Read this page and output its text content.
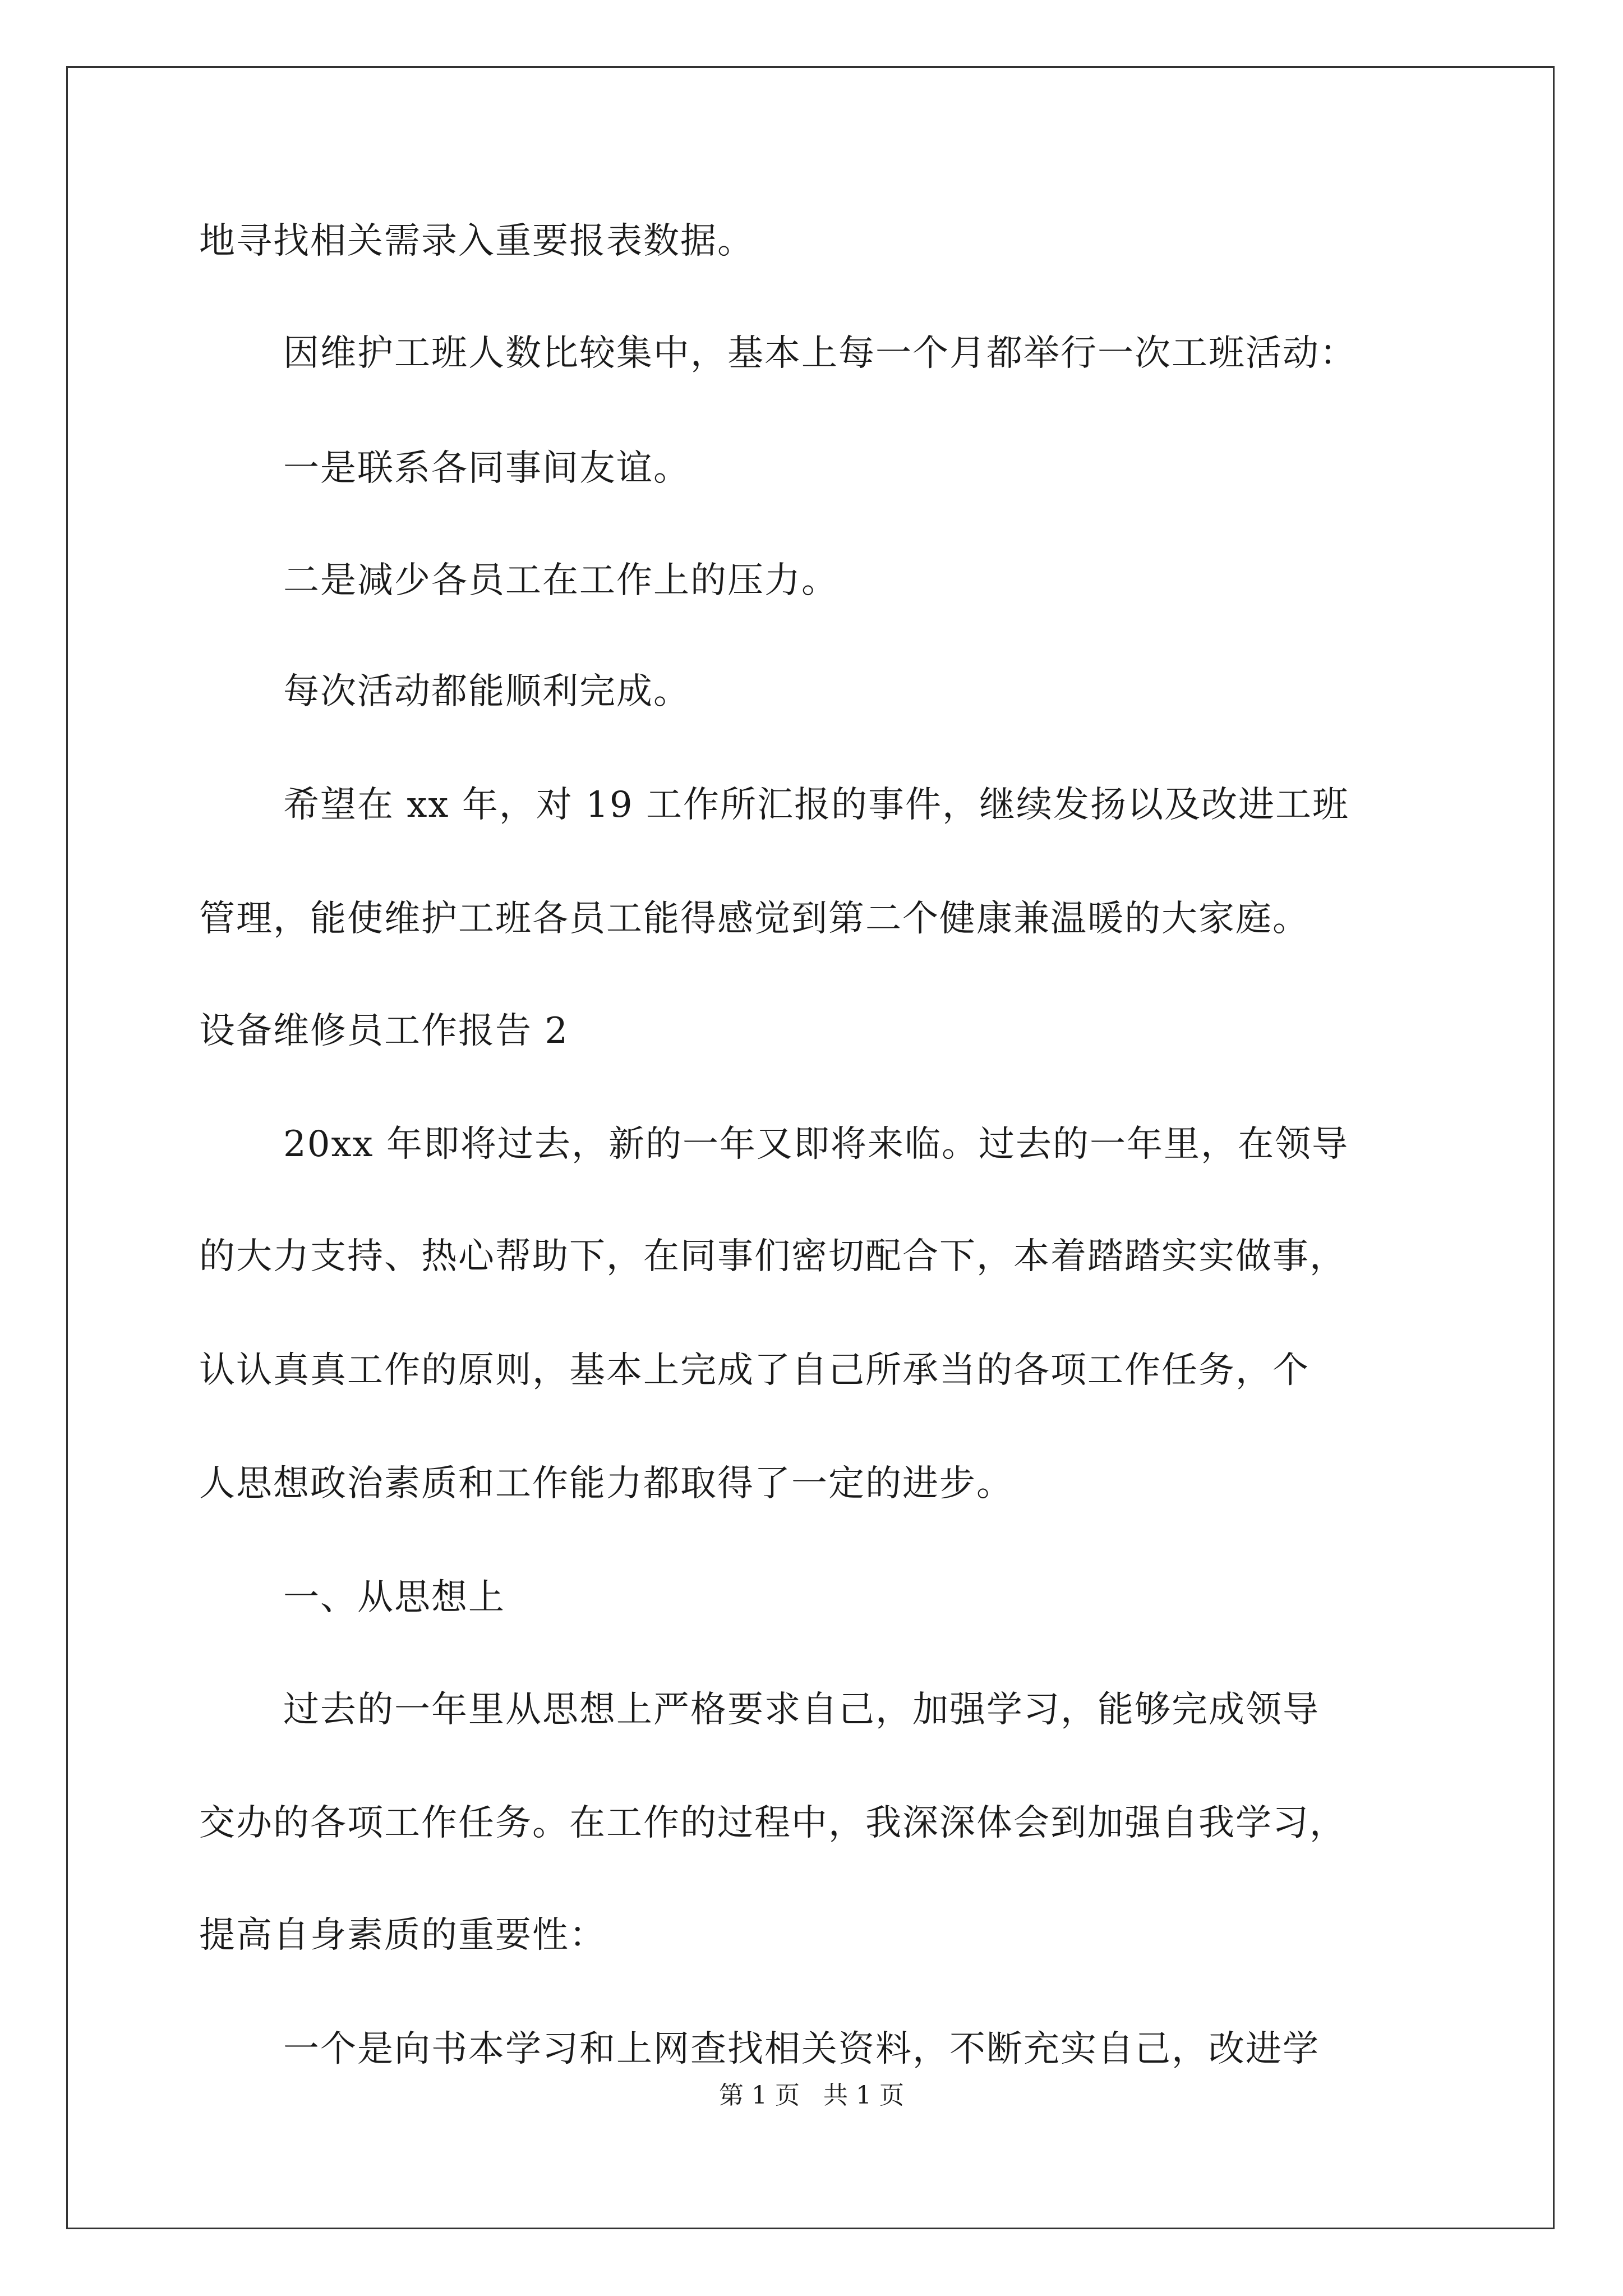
地寻找相关需录入重要报表数据。
因维护工班人数比较集中，基本上每一个月都举行一次工班活动：
一是联系各同事间友谊。
二是减少各员工在工作上的压力。
每次活动都能顺利完成。
希望在 xx 年，对 19 工作所汇报的事件，继续发扬以及改进工班
管理，能使维护工班各员工能得感觉到第二个健康兼温暖的大家庭。
设备维修员工作报告 2
20xx 年即将过去，新的一年又即将来临。过去的一年里，在领导
的大力支持、热心帮助下，在同事们密切配合下，本着踏踏实实做事，
认认真真工作的原则，基本上完成了自己所承当的各项工作任务，个
人思想政治素质和工作能力都取得了一定的进步。
一、从思想上
过去的一年里从思想上严格要求自己，加强学习，能够完成领导
交办的各项工作任务。在工作的过程中，我深深体会到加强自我学习，
提高自身素质的重要性：
一个是向书本学习和上网查找相关资料，不断充实自己，改进学
第 1 页   共 1 页
